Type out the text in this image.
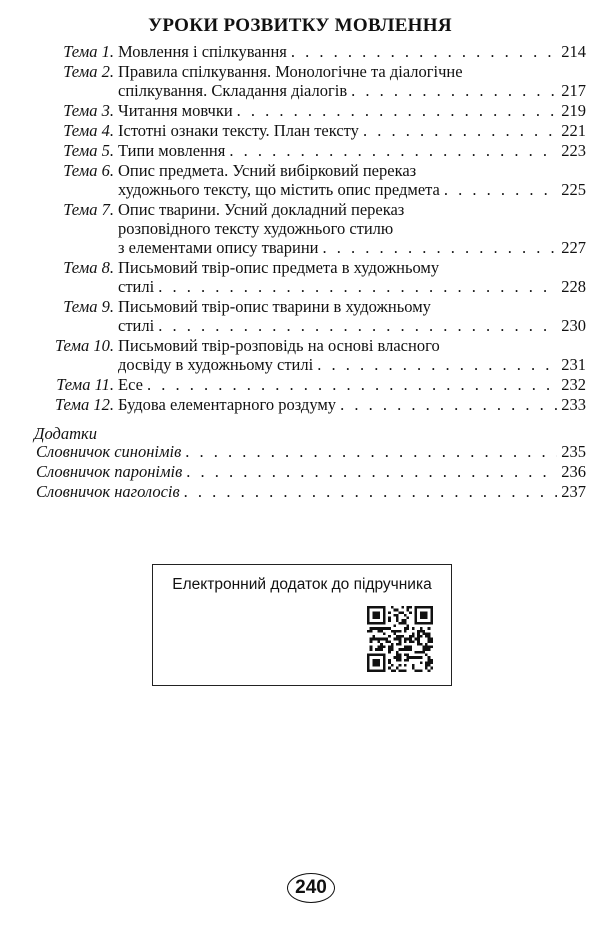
УРОКИ РОЗВИТКУ МОВЛЕННЯ
Тема 1. Мовлення і спілкування . . .	214
Тема 2. Правила спілкування. Монологічне та діалогічне
спілкування. Складання діалогів . . .	217
Тема 3. Читання мовчки . . .	219
Тема 4. Істотні ознаки тексту. План тексту . . .	221
Тема 5. Типи мовлення . . .	223
Тема 6. Опис предмета. Усний вибірковий переказ
художнього тексту, що містить опис предмета . . .	225
Тема 7. Опис тварини. Усний докладний переказ
розповідного тексту художнього стилю
з елементами опису тварини . . .	227
Тема 8. Письмовий твір-опис предмета в художньому
стилі . . .	228
Тема 9. Письмовий твір-опис тварини в художньому
стилі . . .	230
Тема 10. Письмовий твір-розповідь на основі власного
досвіду в художньому стилі . . .	231
Тема 11. Есе . . .	232
Тема 12. Будова елементарного роздуму . . .	233
Додатки
Словничок синонімів . . .	235
Словничок паронімів . . .	236
Словничок наголосів . . .	237
Електронний додаток до підручника
240
